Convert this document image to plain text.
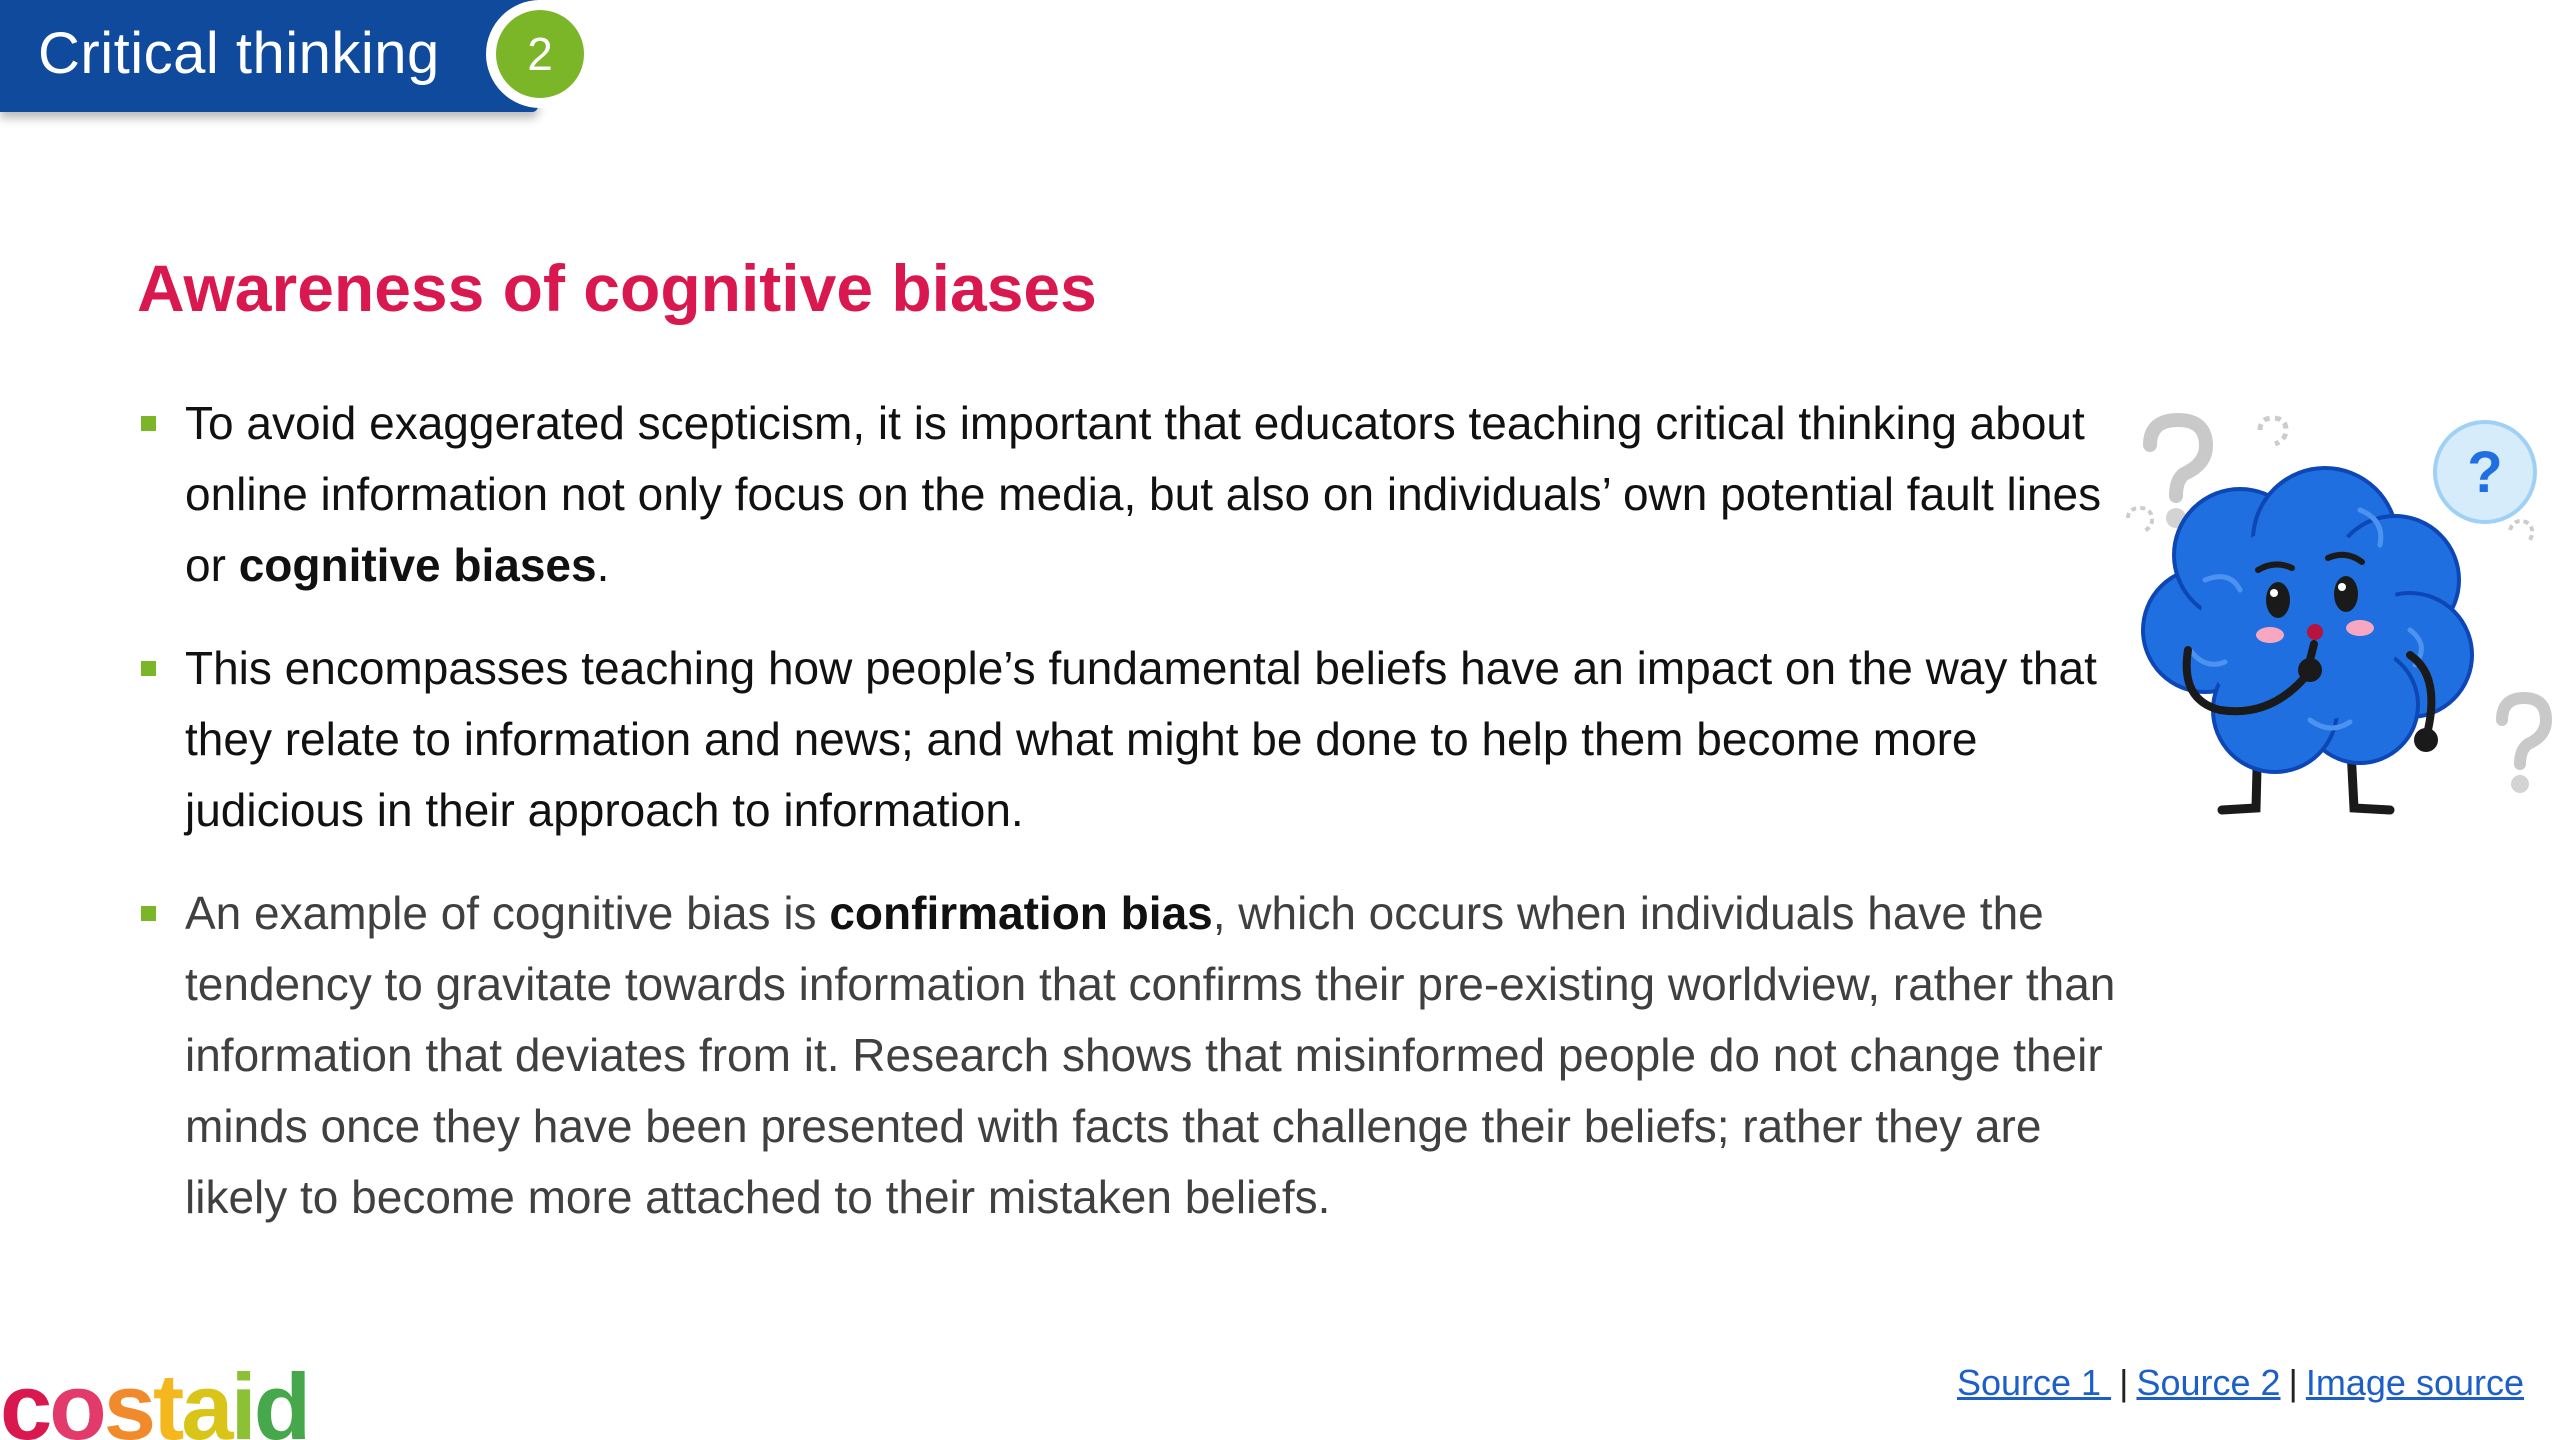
Critical thinking	2
Awareness of cognitive biases
To avoid exaggerated scepticism, it is important that educators teaching critical thinking about online information not only focus on the media, but also on individuals’ own potential fault lines or cognitive biases.
This encompasses teaching how people’s fundamental beliefs have an impact on the way that they relate to information and news; and what might be done to help them become more judicious in their approach to information.
An example of cognitive bias is confirmation bias, which occurs when individuals have the tendency to gravitate towards information that confirms their pre-existing worldview, rather than information that deviates from it. Research shows that misinformed people do not change their minds once they have been presented with facts that challenge their beliefs; rather they are likely to become more attached to their mistaken beliefs.
?
costaid	Source 1 | Source 2 | Image source
